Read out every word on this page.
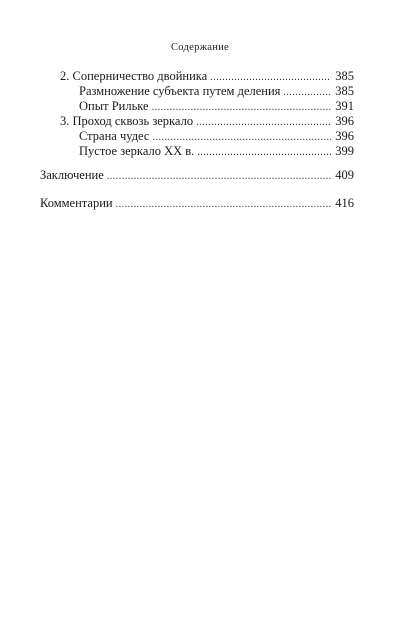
Содержание
2. Соперничество двойника . . .	385
Размножение субъекта путем деления . . .	385
Опыт Рильке . . .	391
3. Проход сквозь зеркало . . .	396
Страна чудес . . .	396
Пустое зеркало XX в. . . .	399
Заключение . . .	409
Комментарии . . .	416
